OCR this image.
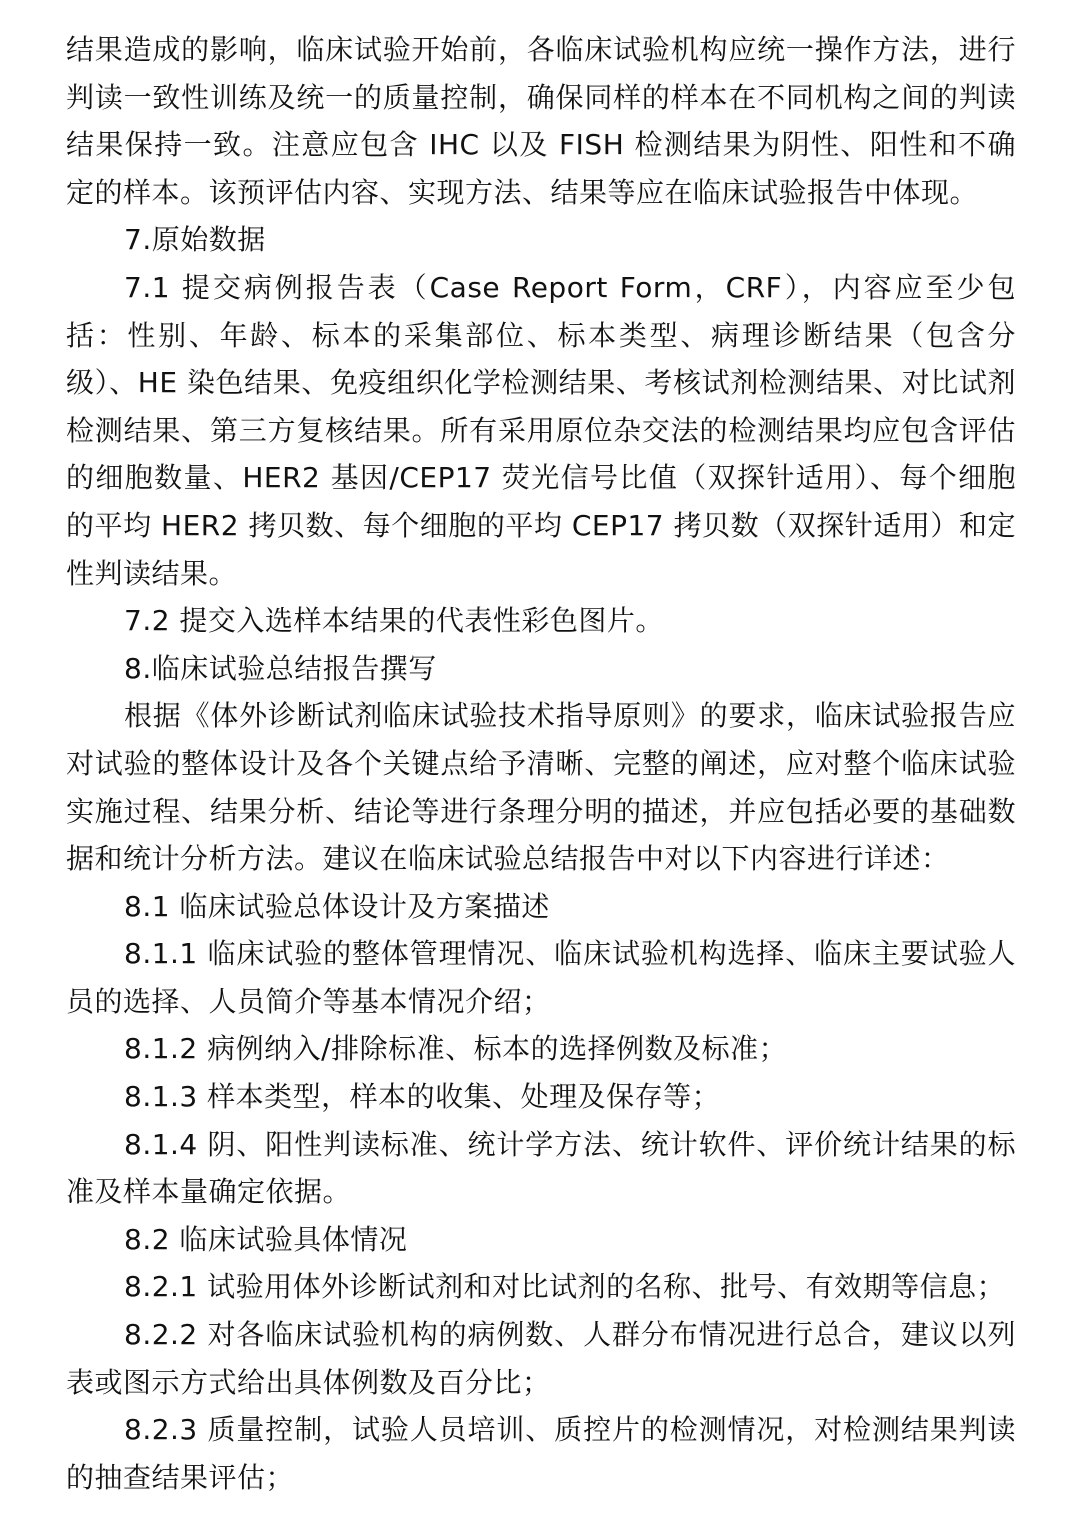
结果造成的影响，临床试验开始前，各临床试验机构应统一操作方法，进行判读一致性训练及统一的质量控制，确保同样的样本在不同机构之间的判读结果保持一致。注意应包含 IHC 以及 FISH 检测结果为阴性、阳性和不确定的样本。该预评估内容、实现方法、结果等应在临床试验报告中体现。

7.原始数据

7.1 提交病例报告表（Case Report Form，CRF），内容应至少包括：性别、年龄、标本的采集部位、标本类型、病理诊断结果（包含分级）、HE 染色结果、免疫组织化学检测结果、考核试剂检测结果、对比试剂检测结果、第三方复核结果。所有采用原位杂交法的检测结果均应包含评估的细胞数量、HER2 基因/CEP17 荧光信号比值（双探针适用）、每个细胞的平均 HER2 拷贝数、每个细胞的平均 CEP17 拷贝数（双探针适用）和定性判读结果。

7.2 提交入选样本结果的代表性彩色图片。

8.临床试验总结报告撰写

根据《体外诊断试剂临床试验技术指导原则》的要求，临床试验报告应对试验的整体设计及各个关键点给予清晰、完整的阐述，应对整个临床试验实施过程、结果分析、结论等进行条理分明的描述，并应包括必要的基础数据和统计分析方法。建议在临床试验总结报告中对以下内容进行详述：

8.1 临床试验总体设计及方案描述

8.1.1 临床试验的整体管理情况、临床试验机构选择、临床主要试验人员的选择、人员简介等基本情况介绍；

8.1.2 病例纳入/排除标准、标本的选择例数及标准；

8.1.3 样本类型，样本的收集、处理及保存等；

8.1.4 阴、阳性判读标准、统计学方法、统计软件、评价统计结果的标准及样本量确定依据。

8.2 临床试验具体情况

8.2.1 试验用体外诊断试剂和对比试剂的名称、批号、有效期等信息；

8.2.2 对各临床试验机构的病例数、人群分布情况进行总合，建议以列表或图示方式给出具体例数及百分比；

8.2.3 质量控制，试验人员培训、质控片的检测情况，对检测结果判读的抽查结果评估；
